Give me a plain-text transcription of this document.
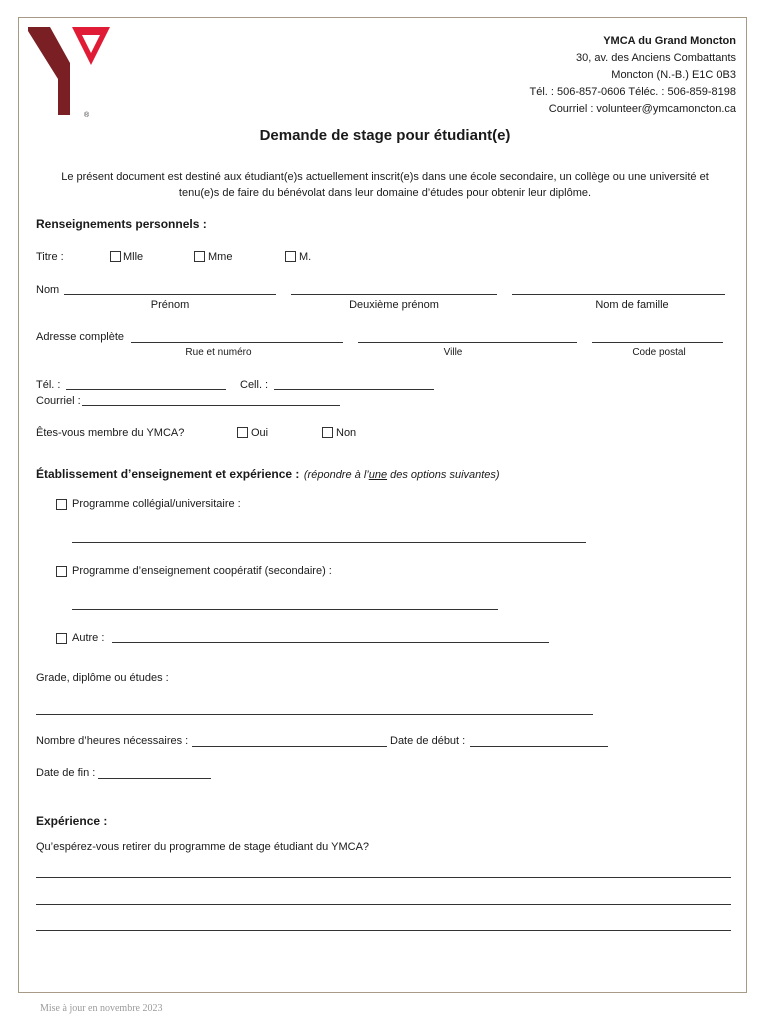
®
YMCA du Grand Moncton
30, av. des Anciens Combattants
Moncton (N.-B.) E1C 0B3
Tél. : 506-857-0606 Téléc. : 506-859-8198
Courriel : volunteer@ymcamoncton.ca
Demande de stage pour étudiant(e)
Le présent document est destiné aux étudiant(e)s actuellement inscrit(e)s dans une école secondaire, un collège ou une université et
tenu(e)s de faire du bénévolat dans leur domaine d’études pour obtenir leur diplôme.
Renseignements personnels :
Titre :	Mlle	Mme	M.
Nom
Prénom	Deuxième prénom	Nom de famille
Adresse complète
Rue et numéro	Ville	Code postal
Tél. :	Cell. :
Courriel :
Êtes-vous membre du YMCA?	Oui	Non
Établissement d’enseignement et expérience : (répondre à l’une des options suivantes)
Programme collégial/universitaire :
Programme d’enseignement coopératif (secondaire) :
Autre :
Grade, diplôme ou études :
Nombre d’heures nécessaires :	Date de début :
Date de fin :
Expérience :
Qu’espérez-vous retirer du programme de stage étudiant du YMCA?
Mise à jour en novembre 2023
